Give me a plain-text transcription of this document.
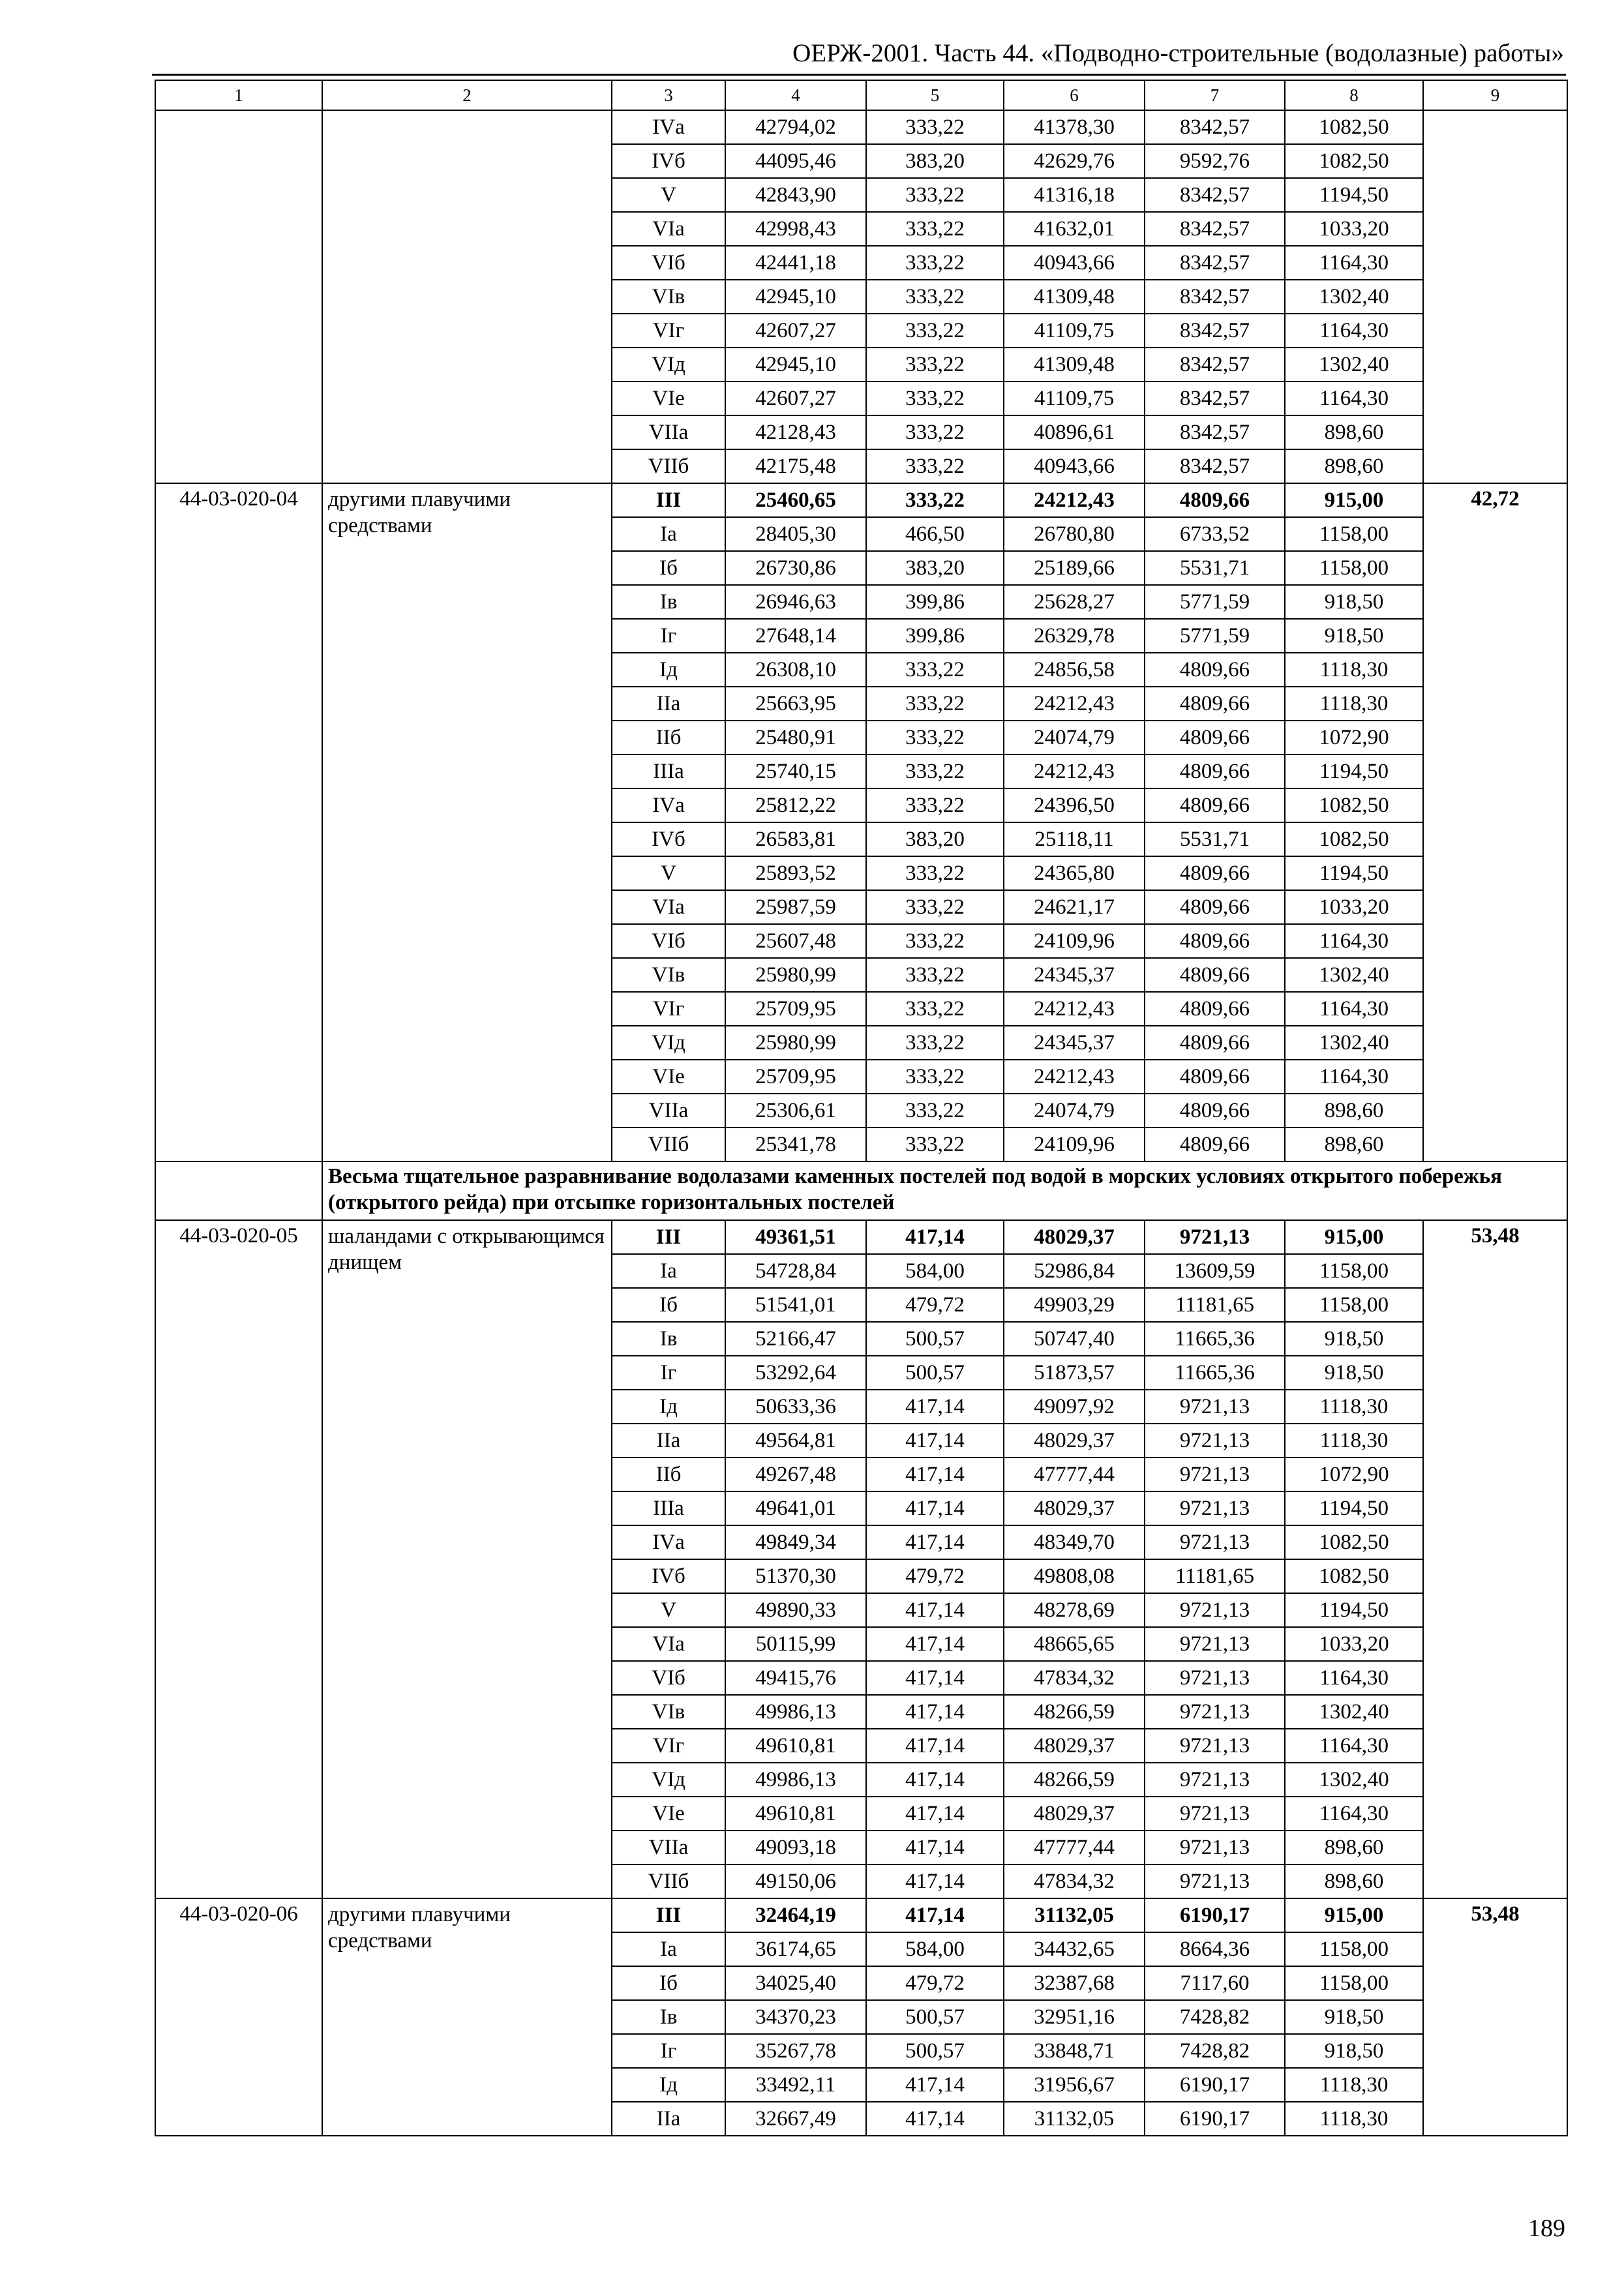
ОЕРЖ-2001. Часть 44. «Подводно-строительные (водолазные) работы»
1	2	3	4	5	6	7	8	9
		IVа	42794,02	333,22	41378,30	8342,57	1082,50	
		IVб	44095,46	383,20	42629,76	9592,76	1082,50	
		V	42843,90	333,22	41316,18	8342,57	1194,50	
		VIа	42998,43	333,22	41632,01	8342,57	1033,20	
		VIб	42441,18	333,22	40943,66	8342,57	1164,30	
		VIв	42945,10	333,22	41309,48	8342,57	1302,40	
		VIг	42607,27	333,22	41109,75	8342,57	1164,30	
		VIд	42945,10	333,22	41309,48	8342,57	1302,40	
		VIе	42607,27	333,22	41109,75	8342,57	1164,30	
		VIIа	42128,43	333,22	40896,61	8342,57	898,60	
		VIIб	42175,48	333,22	40943,66	8342,57	898,60	
44-03-020-04	другими плавучими средствами	III	25460,65	333,22	24212,43	4809,66	915,00	42,72
		Iа	28405,30	466,50	26780,80	6733,52	1158,00	
		Iб	26730,86	383,20	25189,66	5531,71	1158,00	
		Iв	26946,63	399,86	25628,27	5771,59	918,50	
		Iг	27648,14	399,86	26329,78	5771,59	918,50	
		Iд	26308,10	333,22	24856,58	4809,66	1118,30	
		IIа	25663,95	333,22	24212,43	4809,66	1118,30	
		IIб	25480,91	333,22	24074,79	4809,66	1072,90	
		IIIа	25740,15	333,22	24212,43	4809,66	1194,50	
		IVа	25812,22	333,22	24396,50	4809,66	1082,50	
		IVб	26583,81	383,20	25118,11	5531,71	1082,50	
		V	25893,52	333,22	24365,80	4809,66	1194,50	
		VIа	25987,59	333,22	24621,17	4809,66	1033,20	
		VIб	25607,48	333,22	24109,96	4809,66	1164,30	
		VIв	25980,99	333,22	24345,37	4809,66	1302,40	
		VIг	25709,95	333,22	24212,43	4809,66	1164,30	
		VIд	25980,99	333,22	24345,37	4809,66	1302,40	
		VIе	25709,95	333,22	24212,43	4809,66	1164,30	
		VIIа	25306,61	333,22	24074,79	4809,66	898,60	
		VIIб	25341,78	333,22	24109,96	4809,66	898,60	
	Весьма тщательное разравнивание водолазами каменных постелей под водой в морских условиях открытого побережья (открытого рейда) при отсыпке горизонтальных постелей							
44-03-020-05	шаландами с открывающимся днищем	III	49361,51	417,14	48029,37	9721,13	915,00	53,48
		Iа	54728,84	584,00	52986,84	13609,59	1158,00	
		Iб	51541,01	479,72	49903,29	11181,65	1158,00	
		Iв	52166,47	500,57	50747,40	11665,36	918,50	
		Iг	53292,64	500,57	51873,57	11665,36	918,50	
		Iд	50633,36	417,14	49097,92	9721,13	1118,30	
		IIа	49564,81	417,14	48029,37	9721,13	1118,30	
		IIб	49267,48	417,14	47777,44	9721,13	1072,90	
		IIIа	49641,01	417,14	48029,37	9721,13	1194,50	
		IVа	49849,34	417,14	48349,70	9721,13	1082,50	
		IVб	51370,30	479,72	49808,08	11181,65	1082,50	
		V	49890,33	417,14	48278,69	9721,13	1194,50	
		VIа	50115,99	417,14	48665,65	9721,13	1033,20	
		VIб	49415,76	417,14	47834,32	9721,13	1164,30	
		VIв	49986,13	417,14	48266,59	9721,13	1302,40	
		VIг	49610,81	417,14	48029,37	9721,13	1164,30	
		VIд	49986,13	417,14	48266,59	9721,13	1302,40	
		VIе	49610,81	417,14	48029,37	9721,13	1164,30	
		VIIа	49093,18	417,14	47777,44	9721,13	898,60	
		VIIб	49150,06	417,14	47834,32	9721,13	898,60	
44-03-020-06	другими плавучими средствами	III	32464,19	417,14	31132,05	6190,17	915,00	53,48
		Iа	36174,65	584,00	34432,65	8664,36	1158,00	
		Iб	34025,40	479,72	32387,68	7117,60	1158,00	
		Iв	34370,23	500,57	32951,16	7428,82	918,50	
		Iг	35267,78	500,57	33848,71	7428,82	918,50	
		Iд	33492,11	417,14	31956,67	6190,17	1118,30	
		IIа	32667,49	417,14	31132,05	6190,17	1118,30	
189
